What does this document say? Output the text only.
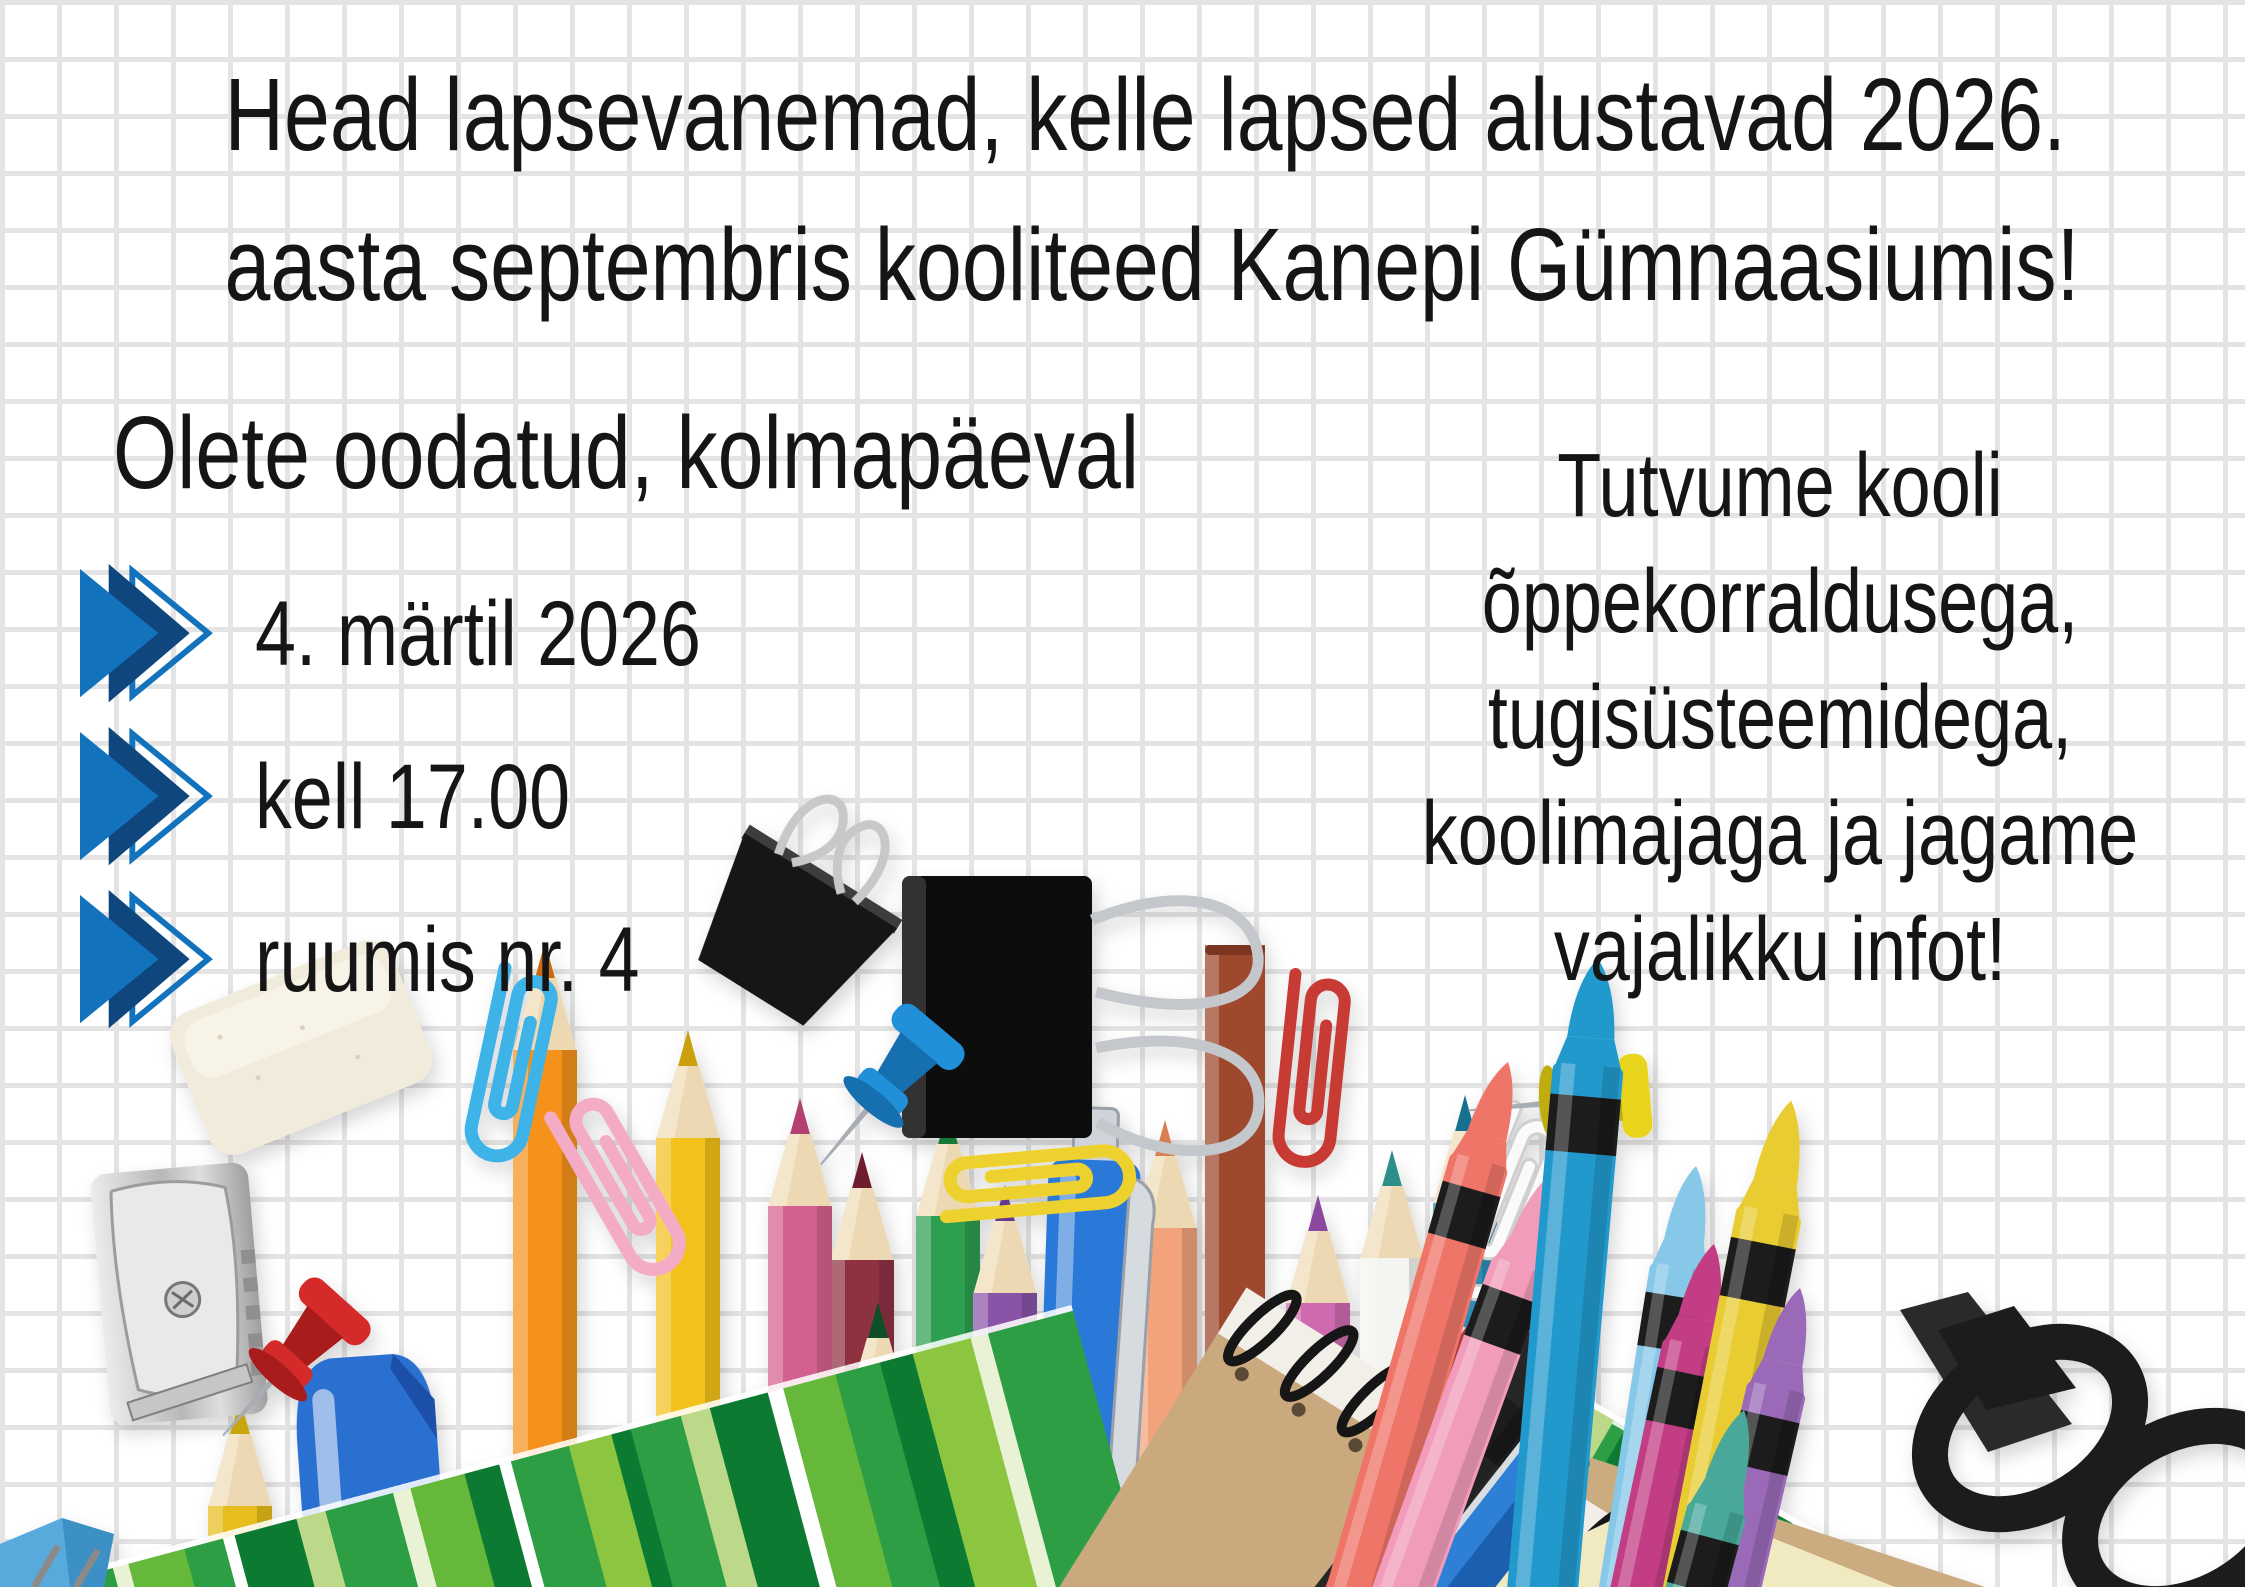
Head lapsevanemad, kelle lapsed alustavad 2026.
aasta septembris kooliteed Kanepi Gümnaasiumis!
Olete oodatud, kolmapäeval
4. märtil 2026
kell 17.00
ruumis nr. 4
Tutvume kooli
õppekorraldusega,
tugisüsteemidega,
koolimajaga ja jagame
vajalikku infot!
